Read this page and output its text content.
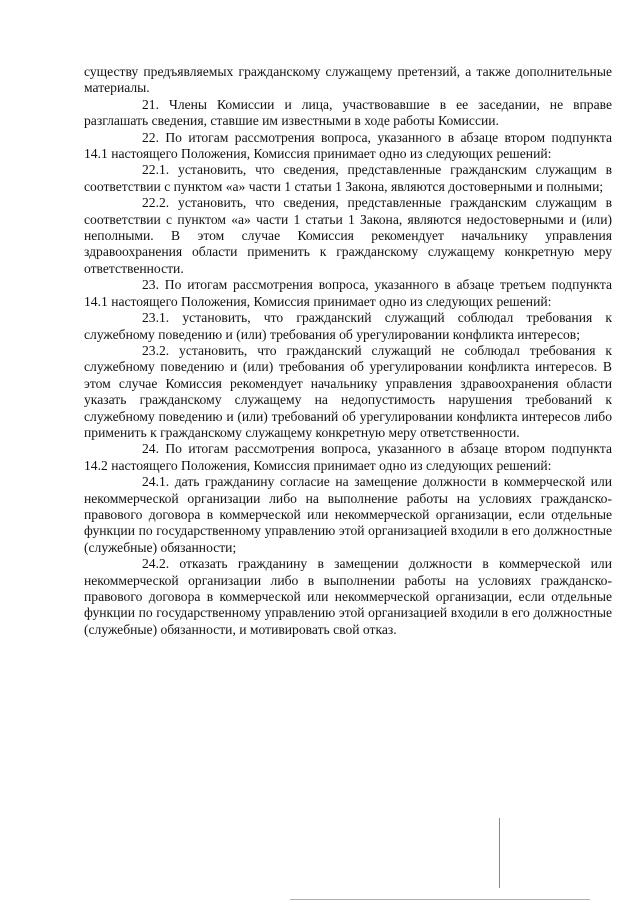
существу предъявляемых гражданскому служащему претензий, а также дополнительные материалы.

21. Члены Комиссии и лица, участвовавшие в ее заседании, не вправе разглашать сведения, ставшие им известными в ходе работы Комиссии.

22. По итогам рассмотрения вопроса, указанного в абзаце втором подпункта 14.1 настоящего Положения, Комиссия принимает одно из следующих решений:

22.1. установить, что сведения, представленные гражданским служащим в соответствии с пунктом «а» части 1 статьи 1 Закона, являются достоверными и полными;

22.2. установить, что сведения, представленные гражданским служащим в соответствии с пунктом «а» части 1 статьи 1 Закона, являются недостоверными и (или) неполными. В этом случае Комиссия рекомендует начальнику управления здравоохранения области применить к гражданскому служащему конкретную меру ответственности.

23. По итогам рассмотрения вопроса, указанного в абзаце третьем подпункта 14.1 настоящего Положения, Комиссия принимает одно из следующих решений:

23.1. установить, что гражданский служащий соблюдал требования к служебному поведению и (или) требования об урегулировании конфликта интересов;

23.2. установить, что гражданский служащий не соблюдал требования к служебному поведению и (или) требования об урегулировании конфликта интересов. В этом случае Комиссия рекомендует начальнику управления здравоохранения области указать гражданскому служащему на недопустимость нарушения требований к служебному поведению и (или) требований об урегулировании конфликта интересов либо применить к гражданскому служащему конкретную меру ответственности.

24. По итогам рассмотрения вопроса, указанного в абзаце втором подпункта 14.2 настоящего Положения, Комиссия принимает одно из следующих решений:

24.1. дать гражданину согласие на замещение должности в коммерческой или некоммерческой организации либо на выполнение работы на условиях гражданско-правового договора в коммерческой или некоммерческой организации, если отдельные функции по государственному управлению этой организацией входили в его должностные (служебные) обязанности;

24.2. отказать гражданину в замещении должности в коммерческой или некоммерческой организации либо в выполнении работы на условиях гражданско-правового договора в коммерческой или некоммерческой организации, если отдельные функции по государственному управлению этой организацией входили в его должностные (служебные) обязанности, и мотивировать свой отказ.
